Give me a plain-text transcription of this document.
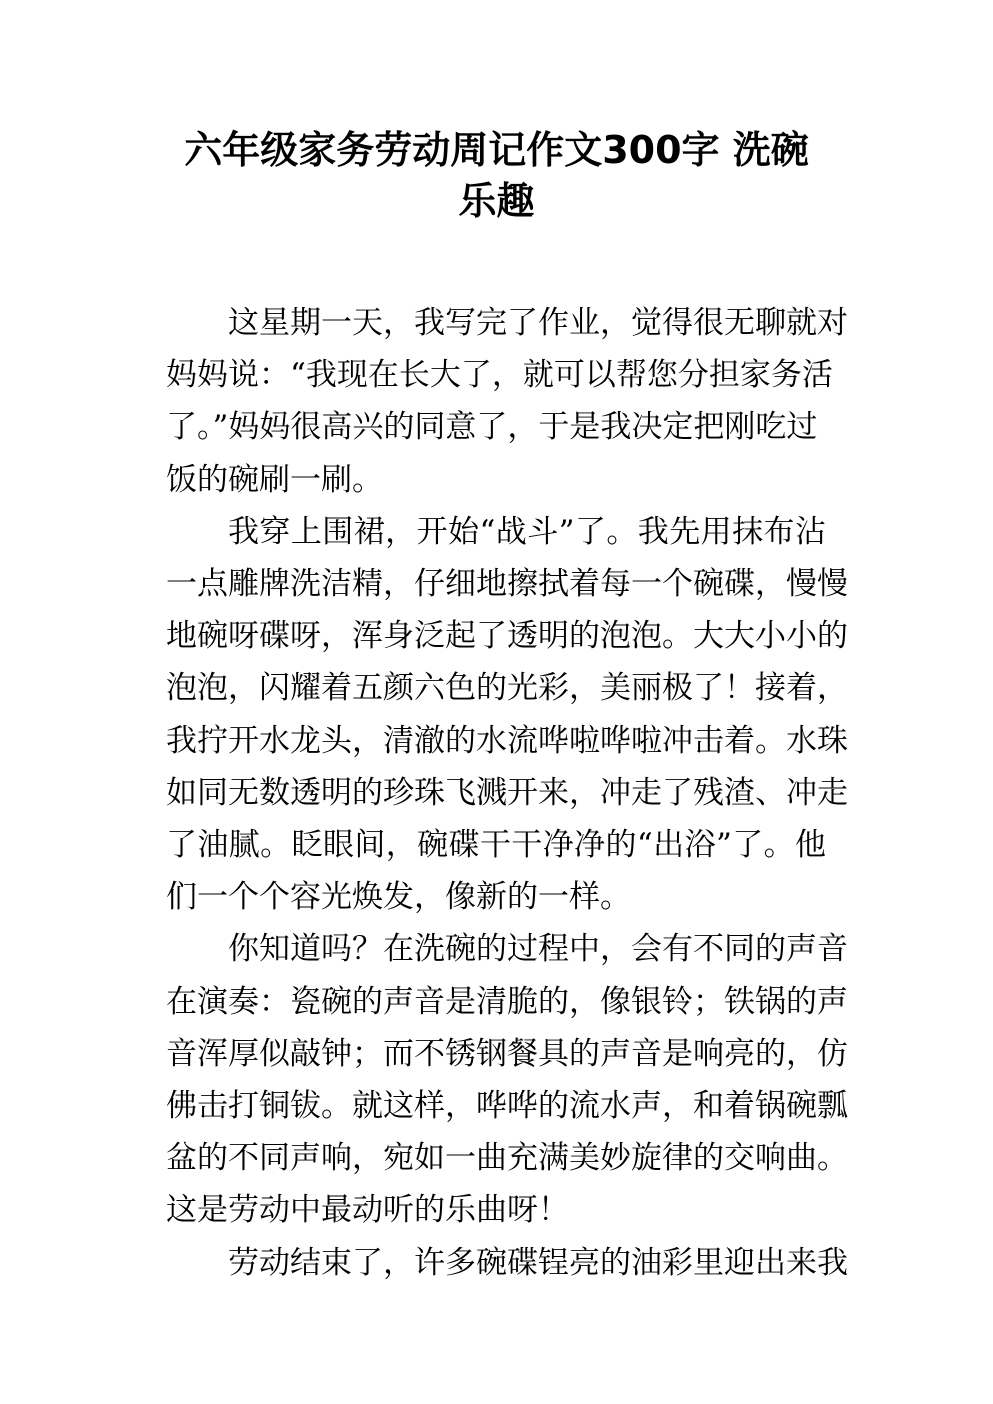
六年级家务劳动周记作文300字 洗碗
乐趣
这星期一天，我写完了作业，觉得很无聊就对
妈妈说：“我现在长大了，就可以帮您分担家务活
了。”妈妈很高兴的同意了，于是我决定把刚吃过
饭的碗刷一刷。
我穿上围裙，开始“战斗”了。我先用抹布沾
一点雕牌洗洁精，仔细地擦拭着每一个碗碟，慢慢
地碗呀碟呀，浑身泛起了透明的泡泡。大大小小的
泡泡，闪耀着五颜六色的光彩，美丽极了！接着，
我拧开水龙头，清澈的水流哗啦哗啦冲击着。水珠
如同无数透明的珍珠飞溅开来，冲走了残渣、冲走
了油腻。眨眼间，碗碟干干净净的“出浴”了。他
们一个个容光焕发，像新的一样。
你知道吗？在洗碗的过程中，会有不同的声音
在演奏：瓷碗的声音是清脆的，像银铃；铁锅的声
音浑厚似敲钟；而不锈钢餐具的声音是响亮的，仿
佛击打铜钹。就这样，哗哗的流水声，和着锅碗瓢
盆的不同声响，宛如一曲充满美妙旋律的交响曲。
这是劳动中最动听的乐曲呀！
劳动结束了，许多碗碟锃亮的油彩里迎出来我
